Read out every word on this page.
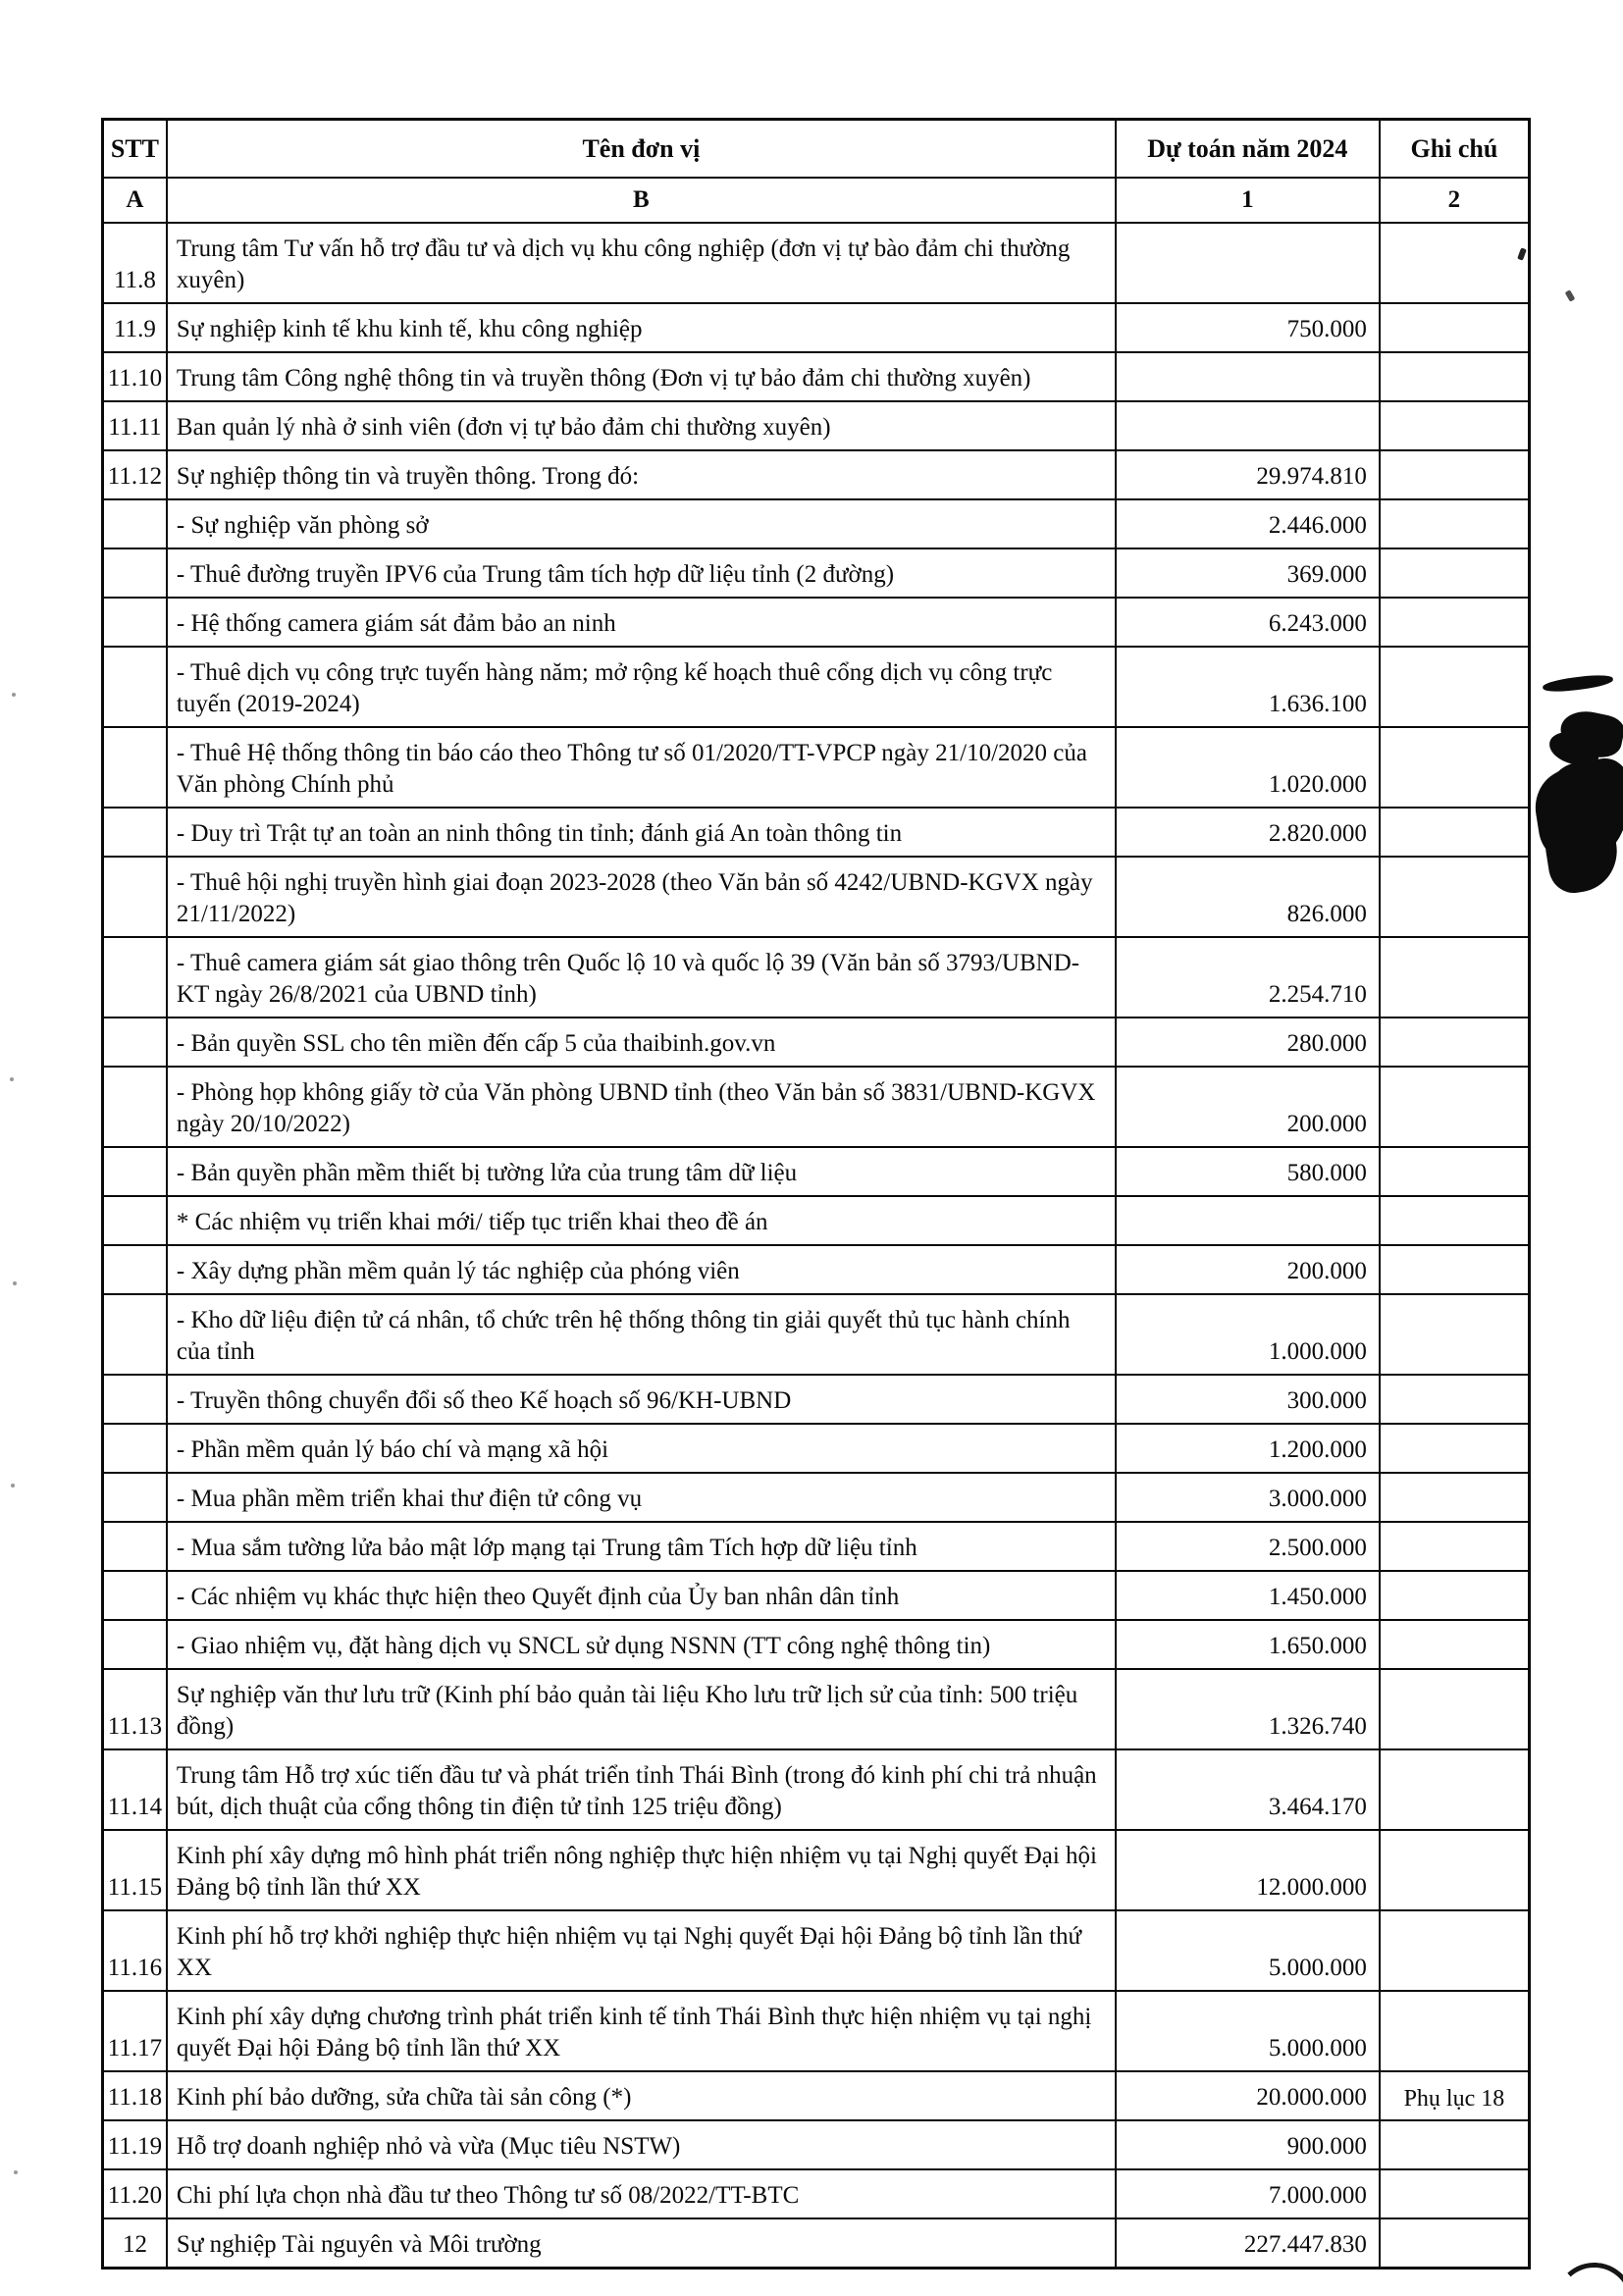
STT	Tên đơn vị	Dự toán năm 2024	Ghi chú
A	B	1	2
11.8	Trung tâm Tư vấn hỗ trợ đầu tư và dịch vụ khu công nghiệp (đơn vị tự bào đảm chi thường xuyên)		
11.9	Sự nghiệp kinh tế khu kinh tế, khu công nghiệp	750.000	
11.10	Trung tâm Công nghệ thông tin và truyền thông (Đơn vị tự bảo đảm chi thường xuyên)		
11.11	Ban quản lý nhà ở sinh viên (đơn vị tự bảo đảm chi thường xuyên)		
11.12	Sự nghiệp thông tin và truyền thông. Trong đó:	29.974.810	
	- Sự nghiệp văn phòng sở	2.446.000	
	- Thuê đường truyền IPV6 của Trung tâm tích hợp dữ liệu tỉnh (2 đường)	369.000	
	- Hệ thống camera giám sát đảm bảo an ninh	6.243.000	
	- Thuê dịch vụ công trực tuyến hàng năm; mở rộng kế hoạch thuê cổng dịch vụ công trực tuyến (2019-2024)	1.636.100	
	- Thuê Hệ thống thông tin báo cáo theo Thông tư số 01/2020/TT-VPCP ngày 21/10/2020 của Văn phòng Chính phủ	1.020.000	
	- Duy trì Trật tự an toàn an ninh thông tin tỉnh; đánh giá An toàn thông tin	2.820.000	
	- Thuê hội nghị truyền hình giai đoạn 2023-2028 (theo Văn bản số 4242/UBND-KGVX ngày 21/11/2022)	826.000	
	- Thuê camera giám sát giao thông trên Quốc lộ 10 và quốc lộ 39 (Văn bản số 3793/UBND-KT ngày 26/8/2021 của UBND tỉnh)	2.254.710	
	- Bản quyền SSL cho tên miền đến cấp 5 của thaibinh.gov.vn	280.000	
	- Phòng họp không giấy tờ của Văn phòng UBND tỉnh (theo Văn bản số 3831/UBND-KGVX ngày 20/10/2022)	200.000	
	- Bản quyền phần mềm thiết bị tường lửa của trung tâm dữ liệu	580.000	
	* Các nhiệm vụ triển khai mới/ tiếp tục triển khai theo đề án		
	- Xây dựng phần mềm quản lý tác nghiệp của phóng viên	200.000	
	- Kho dữ liệu điện tử cá nhân, tổ chức trên hệ thống thông tin giải quyết thủ tục hành chính của tỉnh	1.000.000	
	- Truyền thông chuyển đổi số theo Kế hoạch số 96/KH-UBND	300.000	
	- Phần mềm quản lý báo chí và mạng xã hội	1.200.000	
	- Mua phần mềm triển khai thư điện tử công vụ	3.000.000	
	- Mua sắm tường lửa bảo mật lớp mạng tại Trung tâm Tích hợp dữ liệu tỉnh	2.500.000	
	- Các nhiệm vụ khác thực hiện theo Quyết định của Ủy ban nhân dân tỉnh	1.450.000	
	- Giao nhiệm vụ, đặt hàng dịch vụ SNCL sử dụng NSNN (TT công nghệ thông tin)	1.650.000	
11.13	Sự nghiệp văn thư lưu trữ (Kinh phí bảo quản tài liệu Kho lưu trữ lịch sử của tỉnh: 500 triệu đồng)	1.326.740	
11.14	Trung tâm Hỗ trợ xúc tiến đầu tư và phát triển tỉnh Thái Bình (trong đó kinh phí chi trả nhuận bút, dịch thuật của cổng thông tin điện tử tỉnh 125 triệu đồng)	3.464.170	
11.15	Kinh phí xây dựng mô hình phát triển nông nghiệp thực hiện nhiệm vụ tại Nghị quyết Đại hội Đảng bộ tỉnh lần thứ XX	12.000.000	
11.16	Kinh phí hỗ trợ khởi nghiệp thực hiện nhiệm vụ tại Nghị quyết Đại hội Đảng bộ tỉnh lần thứ XX	5.000.000	
11.17	Kinh phí xây dựng chương trình phát triển kinh tế tỉnh Thái Bình thực hiện nhiệm vụ tại nghị quyết Đại hội Đảng bộ tỉnh lần thứ XX	5.000.000	
11.18	Kinh phí bảo dưỡng, sửa chữa tài sản công (*)	20.000.000	Phụ lục 18
11.19	Hỗ trợ doanh nghiệp nhỏ và vừa (Mục tiêu NSTW)	900.000	
11.20	Chi phí lựa chọn nhà đầu tư theo Thông tư số 08/2022/TT-BTC	7.000.000	
12	Sự nghiệp Tài nguyên và Môi trường	227.447.830	
